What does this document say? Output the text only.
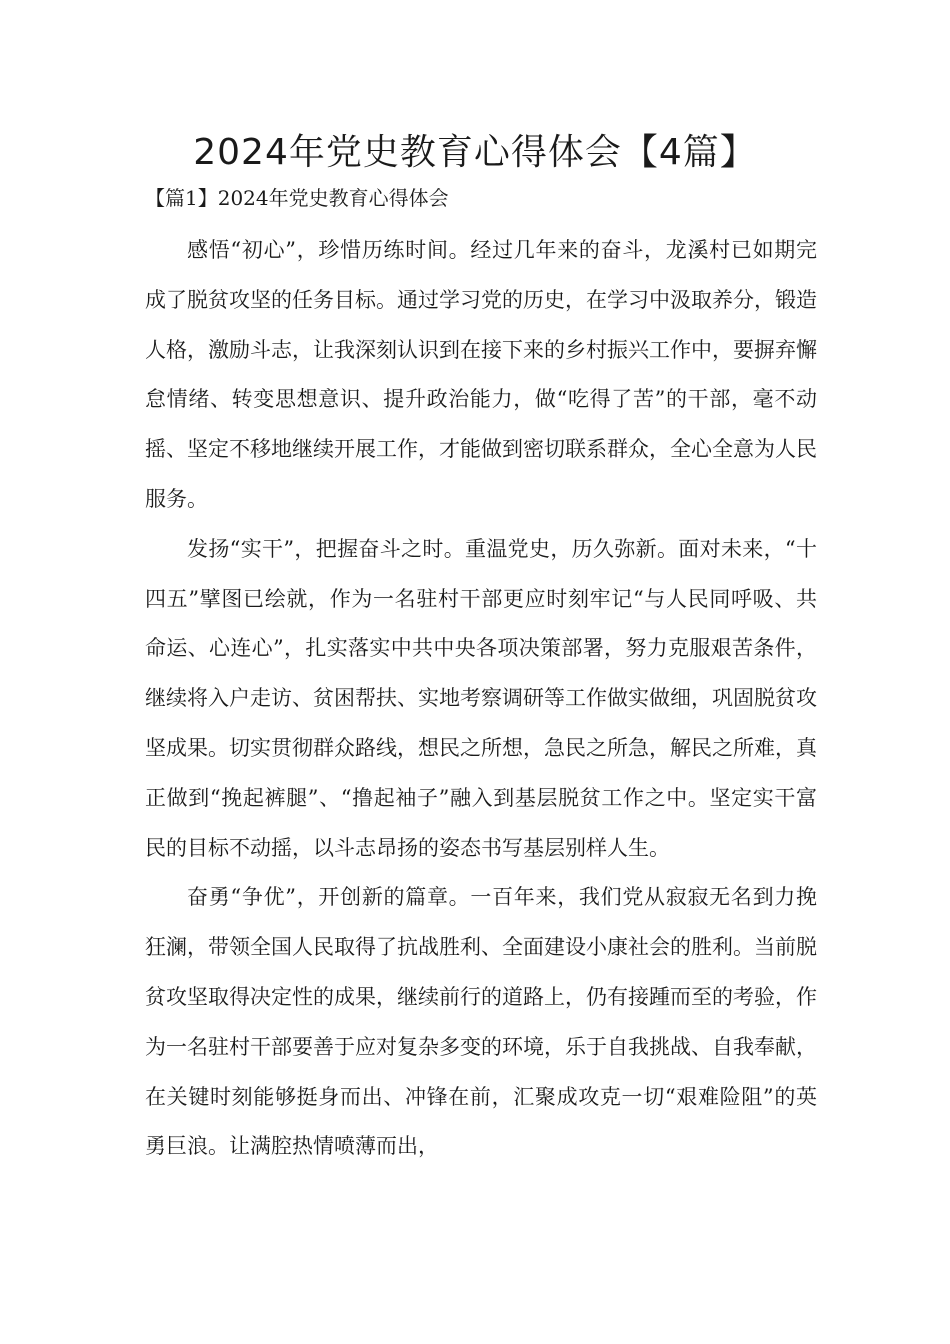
2024年党史教育心得体会【4篇】
【篇1】2024年党史教育心得体会

感悟“初心”，珍惜历练时间。经过几年来的奋斗，龙溪村已如期完成了脱贫攻坚的任务目标。通过学习党的历史，在学习中汲取养分，锻造人格，激励斗志，让我深刻认识到在接下来的乡村振兴工作中，要摒弃懈怠情绪、转变思想意识、提升政治能力，做“吃得了苦”的干部，毫不动摇、坚定不移地继续开展工作，才能做到密切联系群众，全心全意为人民服务。

发扬“实干”，把握奋斗之时。重温党史，历久弥新。面对未来，“十四五”擘图已绘就，作为一名驻村干部更应时刻牢记“与人民同呼吸、共命运、心连心”，扎实落实中共中央各项决策部署，努力克服艰苦条件，继续将入户走访、贫困帮扶、实地考察调研等工作做实做细，巩固脱贫攻坚成果。切实贯彻群众路线，想民之所想，急民之所急，解民之所难，真正做到“挽起裤腿”、“撸起袖子”融入到基层脱贫工作之中。坚定实干富民的目标不动摇，以斗志昂扬的姿态书写基层别样人生。

奋勇“争优”，开创新的篇章。一百年来，我们党从寂寂无名到力挽狂澜，带领全国人民取得了抗战胜利、全面建设小康社会的胜利。当前脱贫攻坚取得决定性的成果，继续前行的道路上，仍有接踵而至的考验，作为一名驻村干部要善于应对复杂多变的环境，乐于自我挑战、自我奉献，在关键时刻能够挺身而出、冲锋在前，汇聚成攻克一切“艰难险阻”的英勇巨浪。让满腔热情喷薄而出，
